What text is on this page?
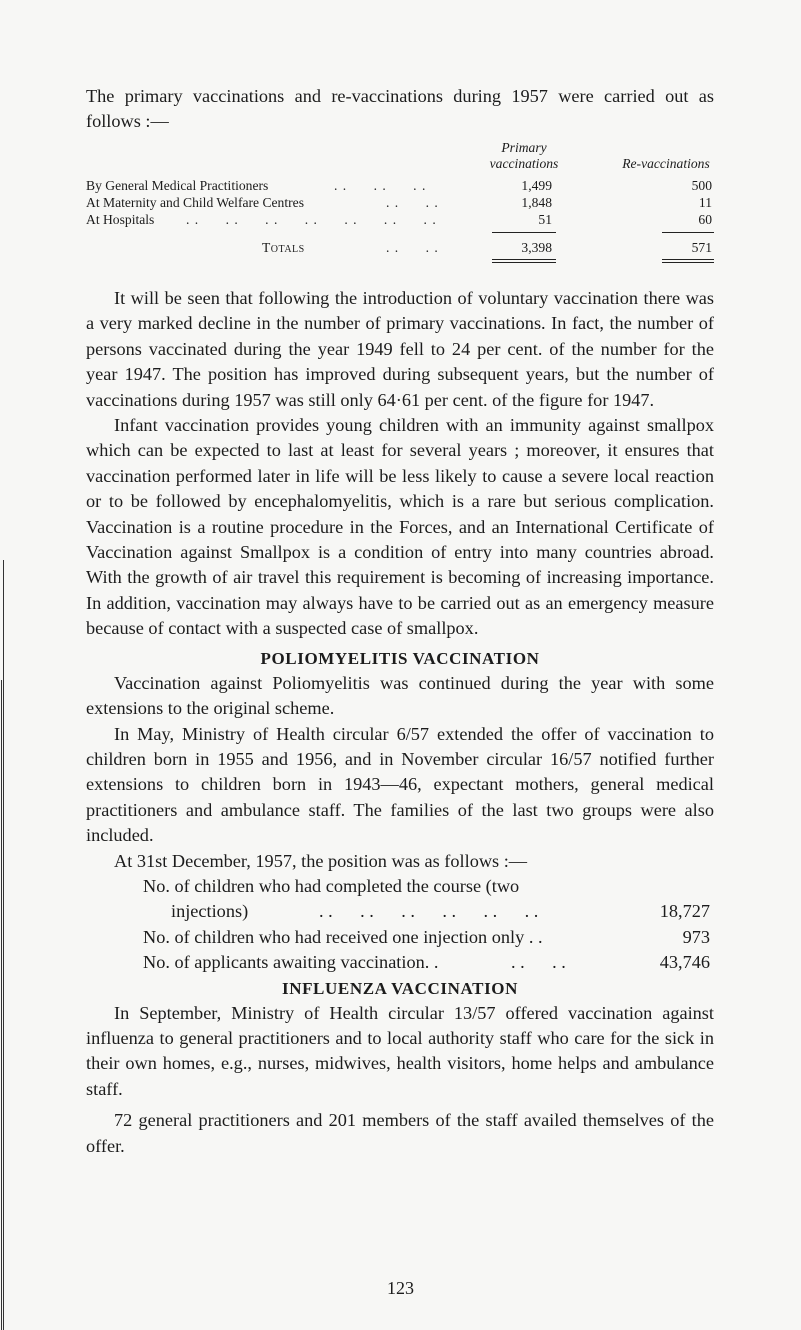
The primary vaccinations and re-vaccinations during 1957 were carried out as follows :—

Primary
vaccinations	Re-vaccinations
By General Medical Practitioners	. .      . .      . .	1,499	500
At Maternity and Child Welfare Centres	. .      . .	1,848	11
At Hospitals . .      . .      . .      . .      . .      . .      . .	51	60
Totals	. .      . .	3,398	571

It will be seen that following the introduction of voluntary vaccination there was a very marked decline in the number of primary vaccinations. In fact, the number of persons vaccinated during the year 1949 fell to 24 per cent. of the number for the year 1947. The position has improved during subsequent years, but the number of vaccinations during 1957 was still only 64·61 per cent. of the figure for 1947.

Infant vaccination provides young children with an immunity against smallpox which can be expected to last at least for several years ; moreover, it ensures that vaccination performed later in life will be less likely to cause a severe local reaction or to be followed by encephalomyelitis, which is a rare but serious complication. Vaccination is a routine procedure in the Forces, and an International Certificate of Vaccination against Smallpox is a condition of entry into many countries abroad. With the growth of air travel this requirement is becoming of increasing importance. In addition, vaccination may always have to be carried out as an emergency measure because of contact with a suspected case of smallpox.

POLIOMYELITIS VACCINATION

Vaccination against Poliomyelitis was continued during the year with some extensions to the original scheme.

In May, Ministry of Health circular 6/57 extended the offer of vaccination to children born in 1955 and 1956, and in November circular 16/57 notified further extensions to children born in 1943—46, expectant mothers, general medical practitioners and ambulance staff. The families of the last two groups were also included.

At 31st December, 1957, the position was as follows :—

No. of children who had completed the course (two
injections)	. .      . .      . .      . .      . .      . .	18,727
No. of children who had received one injection only . .	973
No. of applicants awaiting vaccination. .	. .      . .	43,746
INFLUENZA VACCINATION

In September, Ministry of Health circular 13/57 offered vaccination against influenza to general practitioners and to local authority staff who care for the sick in their own homes, e.g., nurses, midwives, health visitors, home helps and ambulance staff.

72 general practitioners and 201 members of the staff availed themselves of the offer.

123
